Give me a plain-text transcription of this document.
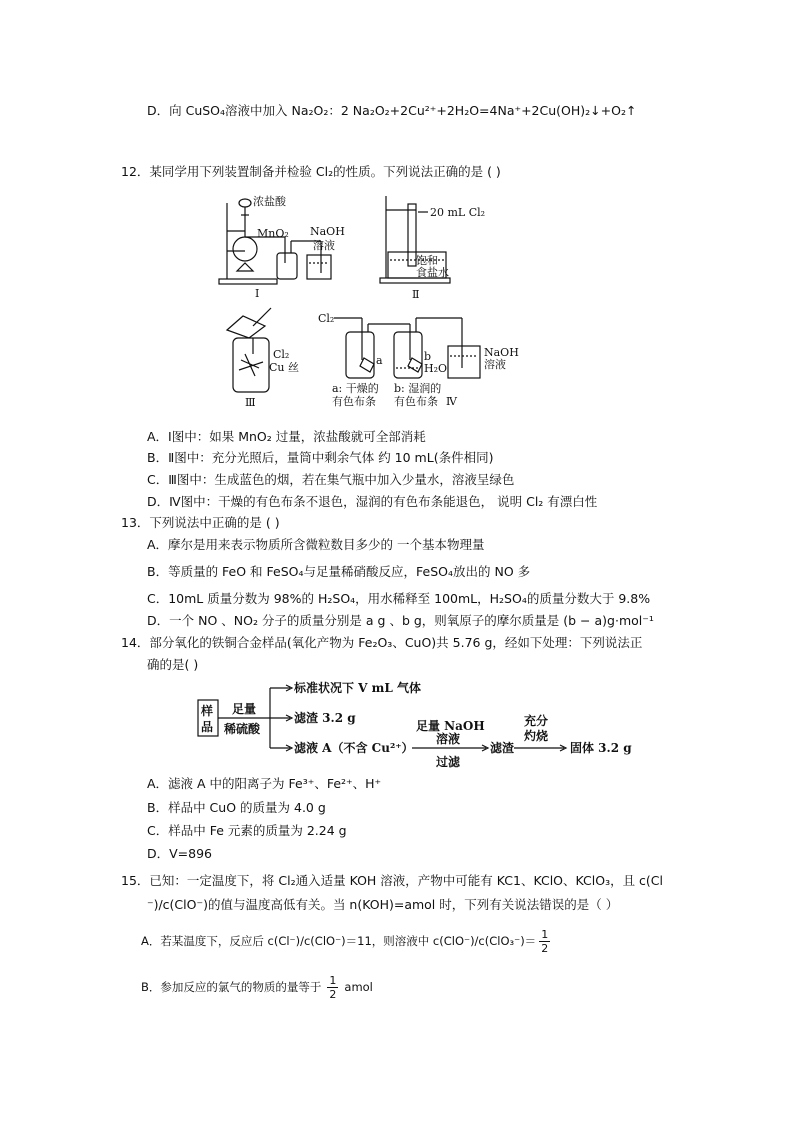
D．向 CuSO₄溶液中加入 Na₂O₂：2 Na₂O₂+2Cu²⁺+2H₂O=4Na⁺+2Cu(OH)₂↓+O₂↑
12．某同学用下列装置制备并检验 Cl₂的性质。下列说法正确的是 ( )
浓盐酸
MnO₂ NaOH
溶液
Ⅰ
20 mL Cl₂
饱和
食盐水
Ⅱ
Cl₂
Cu 丝
Ⅲ
Cl₂
a	b
H₂O
NaOH
溶液
a: 干燥的
有色布条
b: 湿润的
有色布条 Ⅳ
A．Ⅰ图中：如果 MnO₂ 过量，浓盐酸就可全部消耗
B．Ⅱ图中：充分光照后，量筒中剩余气体 约 10 mL(条件相同)
C．Ⅲ图中：生成蓝色的烟，若在集气瓶中加入少量水，溶液呈绿色
D．Ⅳ图中：干燥的有色布条不退色，湿润的有色布条能退色， 说明 Cl₂ 有漂白性
13．下列说法中正确的是 ( )
A．摩尔是用来表示物质所含微粒数目多少的 一个基本物理量
B．等质量的 FeO 和 FeSO₄与足量稀硝酸反应，FeSO₄放出的 NO 多
C．10mL 质量分数为 98%的 H₂SO₄，用水稀释至 100mL，H₂SO₄的质量分数大于 9.8%
D．一个 NO 、NO₂ 分子的质量分别是 a g 、b g，则氧原子的摩尔质量是 (b − a)g·mol⁻¹
14．部分氧化的铁铜合金样品(氧化产物为 Fe₂O₃、CuO)共 5.76 g，经如下处理：下列说法正
确的是( )
样
品
足量
稀硫酸
标准状况下 V mL 气体
滤渣 3.2 g
滤液 A（不含 Cu²⁺）
足量 NaOH
溶液
过滤
滤渣
充分
灼烧
固体 3.2 g
A．滤液 A 中的阳离子为 Fe³⁺、Fe²⁺、H⁺
B．样品中 CuO 的质量为 4.0 g
C．样品中 Fe 元素的质量为 2.24 g
D．V=896
15．已知：一定温度下，将 Cl₂通入适量 KOH 溶液，产物中可能有 KC1、KClO、KClO₃，且 c(Cl
⁻)/c(ClO⁻)的值与温度高低有关。当 n(KOH)=amol 时，下列有关说法错误的是（ ）
A．若某温度下，反应后 c(Cl⁻)/c(ClO⁻)＝11，则溶液中 $c(ClO^-)/c(ClO_3^-)= \frac{1}{2}$
B．参加反应的氯气的物质的量等于 $\frac{1}{2}$ amol
